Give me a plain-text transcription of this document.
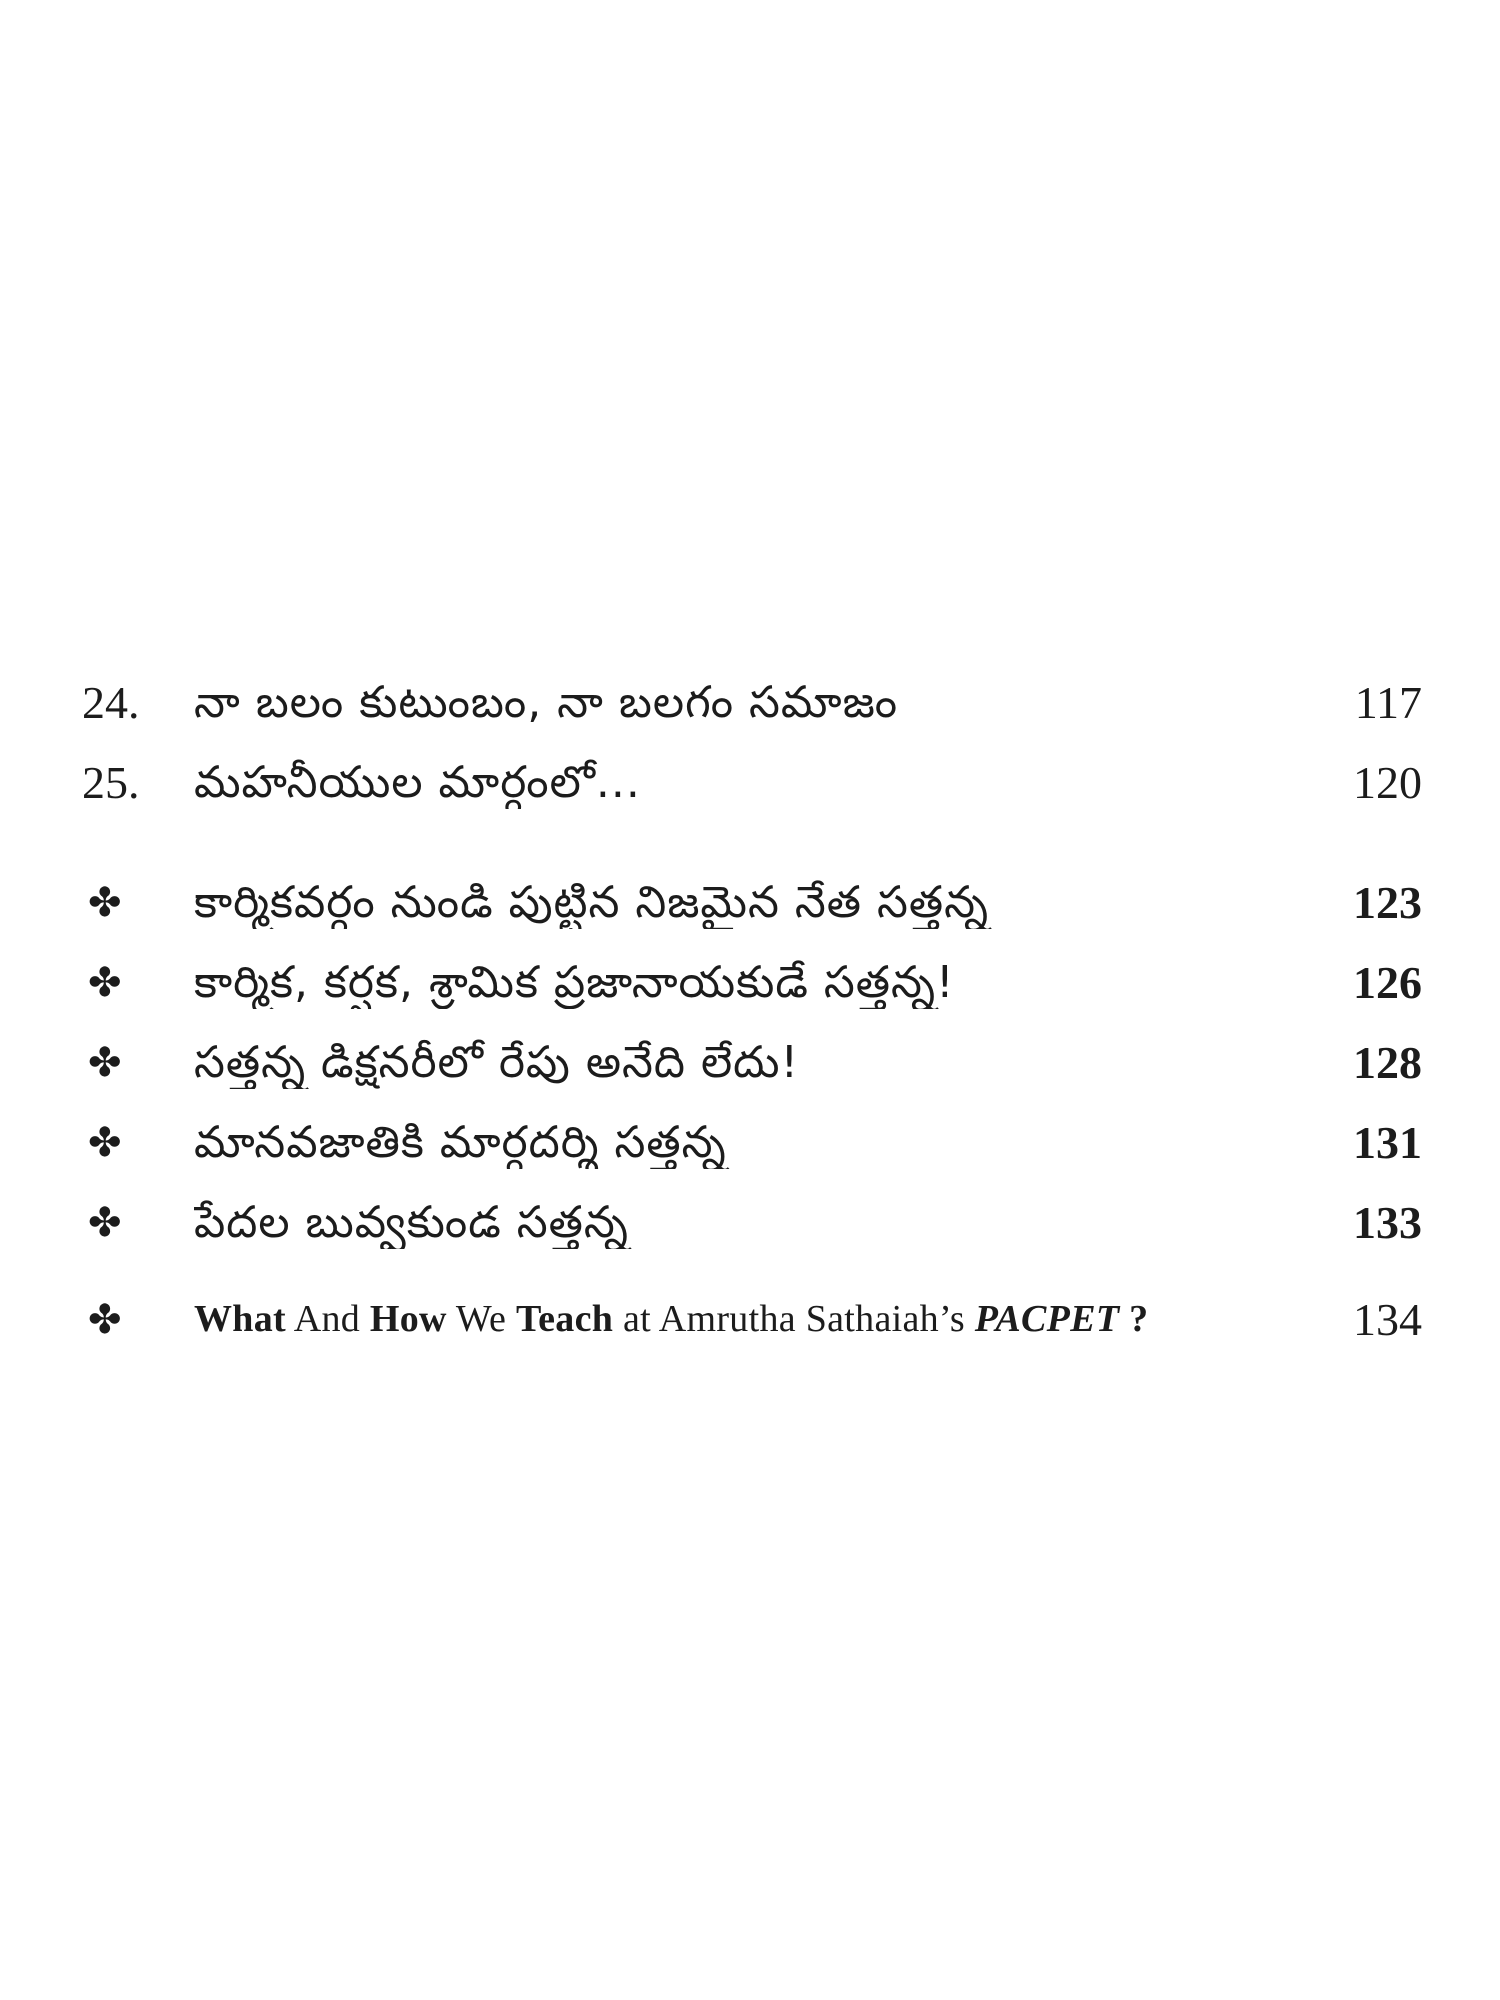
24.	నా బలం కుటుంబం, నా బలగం సమాజం	117
25.	మహనీయుల మార్గంలో...	120
✤	కార్మికవర్గం నుండి పుట్టిన నిజమైన నేత సత్తన్న	123
✤	కార్మిక, కర్షక, శ్రామిక ప్రజానాయకుడే సత్తన్న!	126
✤	సత్తన్న డిక్షనరీలో రేపు అనేది లేదు!	128
✤	మానవజాతికి మార్గదర్శి సత్తన్న	131
✤	పేదల బువ్వకుండ సత్తన్న	133
✤	What And How We Teach at Amrutha Sathaiah’s PACPET ?	134
